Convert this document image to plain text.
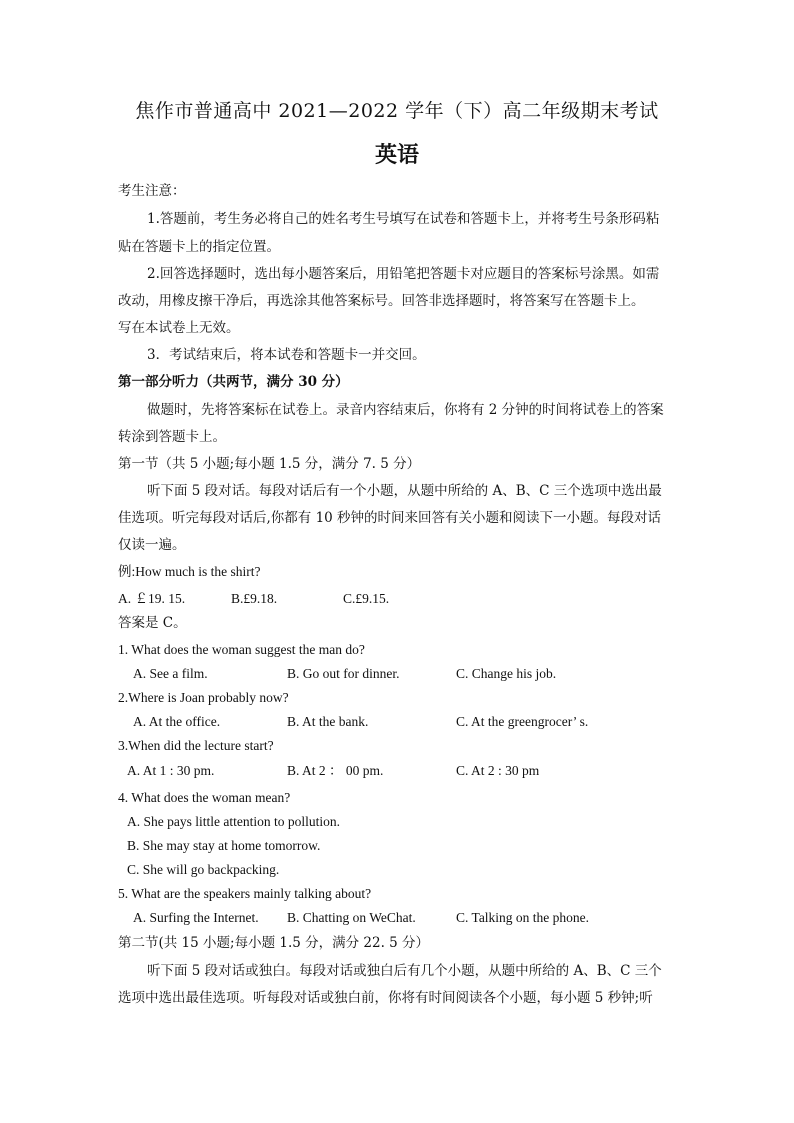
焦作市普通高中 2021—2022 学年（下）高二年级期末考试
英语
考生注意：
1.答题前，考生务必将自己的姓名考生号填写在试卷和答题卡上，并将考生号条形码粘
贴在答题卡上的指定位置。
2.回答选择题时，选出每小题答案后，用铅笔把答题卡对应题目的答案标号涂黑。如需
改动，用橡皮擦干净后，再选涂其他答案标号。回答非选择题时，将答案写在答题卡上。
写在本试卷上无效。
3．考试结束后，将本试卷和答题卡一并交回。
第一部分听力（共两节，满分 30 分）
做题时，先将答案标在试卷上。录音内容结束后，你将有 2 分钟的时间将试卷上的答案
转涂到答题卡上。
第一节（共 5 小题;每小题 1.5 分，满分 7. 5 分）
听下面 5 段对话。每段对话后有一个小题，从题中所给的 A、B、C 三个选项中选出最
佳选项。听完每段对话后,你都有 10 秒钟的时间来回答有关小题和阅读下一小题。每段对话
仅读一遍。
例:How much is the shirt?
A. ￡19. 15.	B.£9.18.	C.£9.15.
答案是 C。
1. What does the woman suggest the man do?
A. See a film.	B. Go out for dinner.	C. Change his job.
2.Where is Joan probably now?
A. At the office.	B. At the bank.	C. At the greengrocer’ s.
3.When did the lecture start?
A. At 1 : 30 pm.	B. At 2 ： 00 pm.	C. At 2 : 30 pm
4. What does the woman mean?
A. She pays little attention to pollution.
B. She may stay at home tomorrow.
C. She will go backpacking.
5. What are the speakers mainly talking about?
A. Surfing the Internet. B. Chatting on WeChat.	C. Talking on the phone.
第二节(共 15 小题;每小题 1.5 分，满分 22. 5 分）
听下面 5 段对话或独白。每段对话或独白后有几个小题，从题中所给的 A、B、C 三个
选项中选出最佳选项。听每段对话或独白前，你将有时间阅读各个小题，每小题 5 秒钟;听
